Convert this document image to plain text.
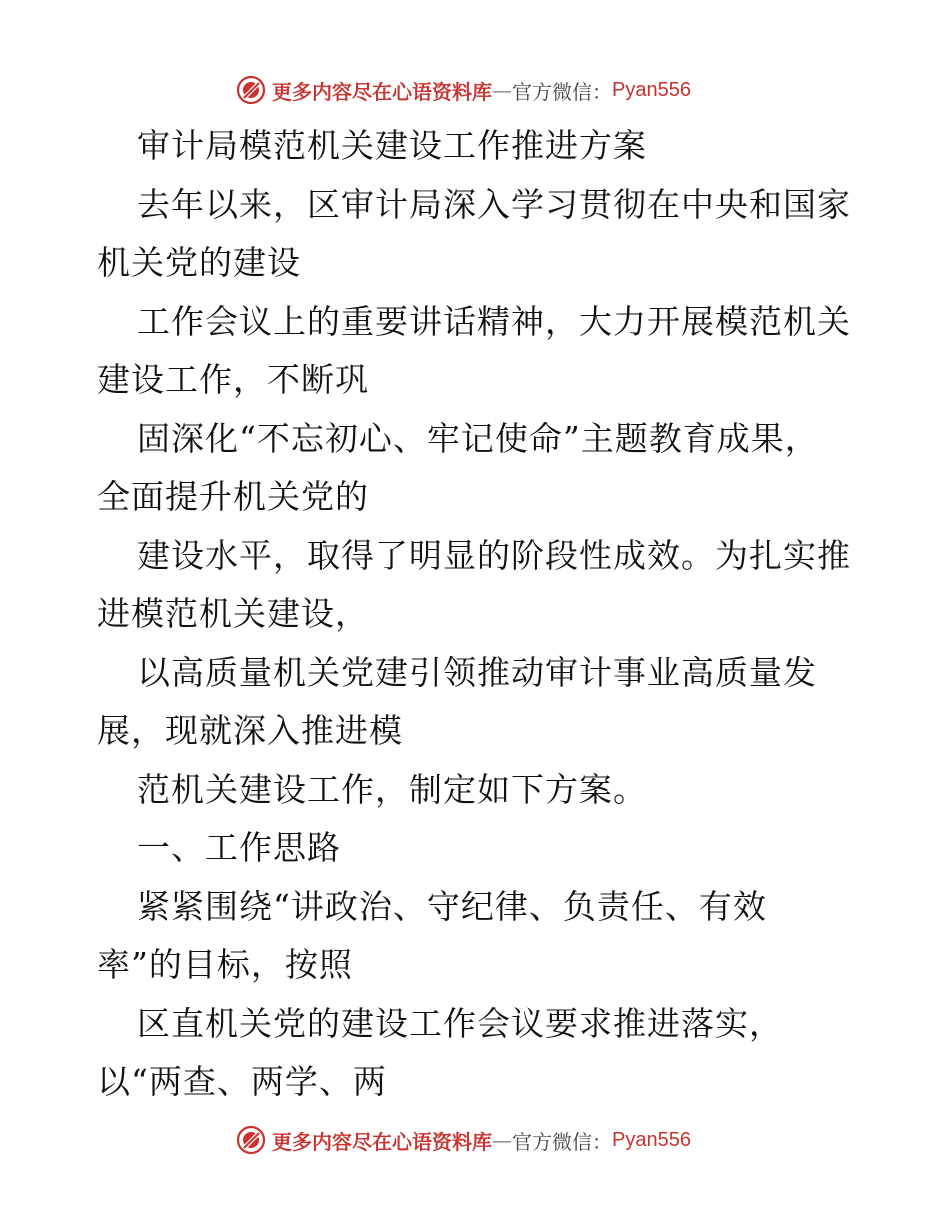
更多内容尽在心语资料库 — 官方微信： Pyan556
审计局模范机关建设工作推进方案
去年以来，区审计局深入学习贯彻在中央和国家
机关党的建设
工作会议上的重要讲话精神，大力开展模范机关
建设工作，不断巩
固深化“不忘初心、牢记使命”主题教育成果，
全面提升机关党的
建设水平，取得了明显的阶段性成效。为扎实推
进模范机关建设，
以高质量机关党建引领推动审计事业高质量发
展，现就深入推进模
范机关建设工作，制定如下方案。
一、工作思路
紧紧围绕“讲政治、守纪律、负责任、有效
率”的目标，按照
区直机关党的建设工作会议要求推进落实，
以“两查、两学、两
更多内容尽在心语资料库 — 官方微信： Pyan556
